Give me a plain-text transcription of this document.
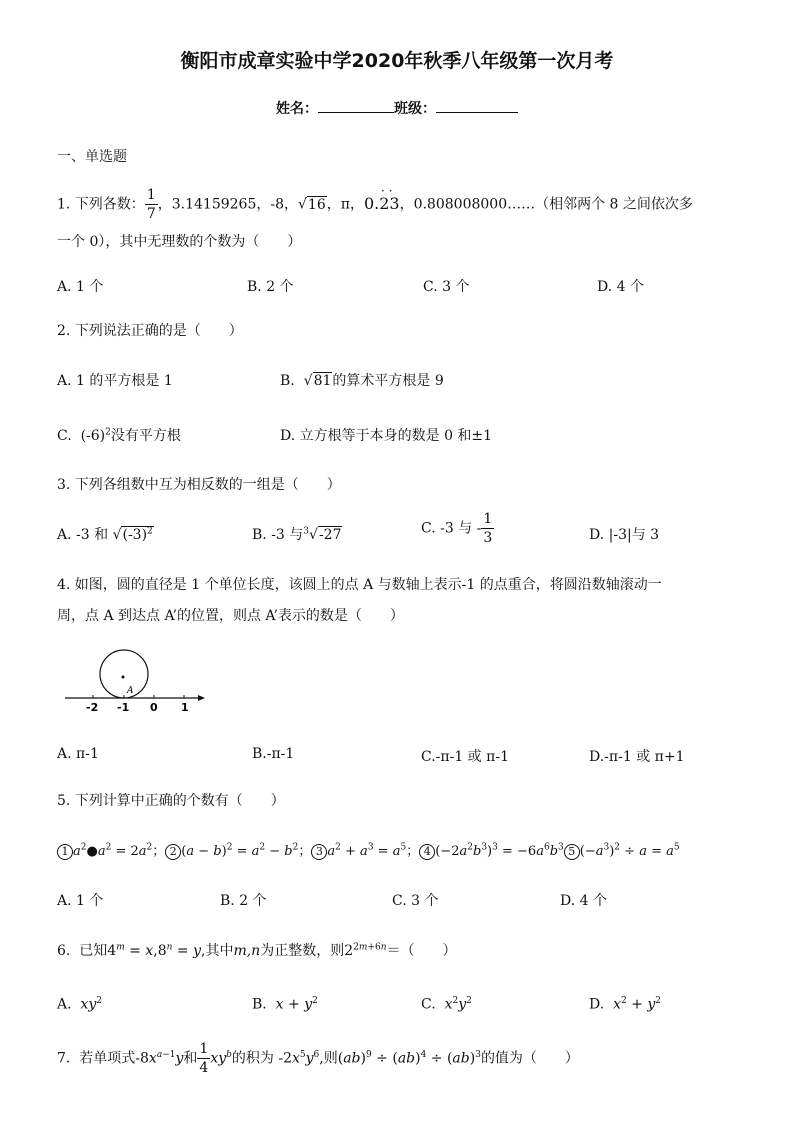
衡阳市成章实验中学2020年秋季八年级第一次月考
姓名：	班级：
一、单选题
1. 下列各数： $\frac{1}{7}$ ，3.14159265，-8，√16，π，0.23
· ·
，0.808008000……（相邻两个 8 之间依次多
一个 0），其中无理数的个数为（　　）
A. 1 个	B. 2 个	C. 3 个	D. 4 个
2. 下列说法正确的是（　　）
A. 1 的平方根是 1	B. √81的算术平方根是 9
C. $(-6)^2$没有平方根	D. 立方根等于本身的数是 0 和±1
3. 下列各组数中互为相反数的一组是（　　）
A. -3 和 $√(-3)^2$	B. -3 与$^3$√-27	C. -3 与 - $\frac{1}{3}$	D. |-3|与 3
4. 如图，圆的直径是 1 个单位长度，该圆上的点 A 与数轴上表示-1 的点重合，将圆沿数轴滚动一
周，点 A 到达点 A’的位置，则点 A’表示的数是（　　）
A
-2 -1 0 1
A. π-1	B.-π-1	C.-π-1 或 π-1	D.-π-1 或 π+1
5. 下列计算中正确的个数有（　　）
1 $a^2●a^2 = 2a^2$； 2 $(a - b)^2 = a^2 - b^2$； 3 $a^2 + a^3 = a^5$； 4 $(-2a^2b^3)^3 = -6a^6b^3$ 5 $(-a^3)^2 \div a = a^5$
A. 1 个	B. 2 个	C. 3 个	D. 4 个
6. 已知$4^m = x,8^n = y$,其中m,n为正整数，则$2^{2m+6n}=$（　　）
A. $xy^2$	B. $x + y^2$	C. $x^2y^2$	D. $x^2 + y^2$
7. 若单项式$-8x^{a-1}y$和 $\frac{1}{4} xy^b$的积为 $-2x^5y^6$,则(ab)$^9$ ÷ (ab)$^4$ ÷ (ab)$^3$的值为（　　）
